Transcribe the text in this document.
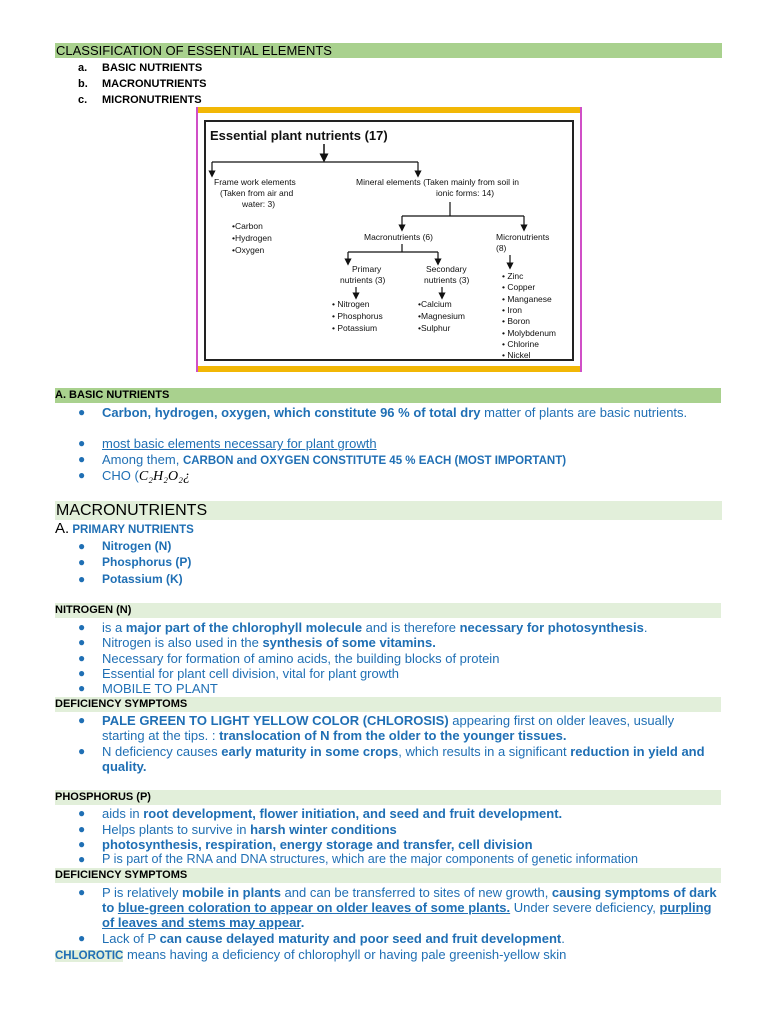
CLASSIFICATION OF ESSENTIAL ELEMENTS
a. BASIC NUTRIENTS
b. MACRONUTRIENTS
c. MICRONUTRIENTS
Essential plant nutrients (17)
Frame work elements
(Taken from air and
water: 3)
•Carbon
•Hydrogen
•Oxygen
Mineral elements (Taken mainly from soil in
ionic forms: 14)
Macronutrients (6)	Micronutrients
(8)
Primary
nutrients (3)
Secondary
nutrients (3)
• Nitrogen
• Phosphorus
• Potassium
•Calcium
•Magnesium
•Sulphur
• Zinc
• Copper
• Manganese
• Iron
• Boron
• Molybdenum
• Chlorine
• Nickel
A. BASIC NUTRIENTS
●	Carbon, hydrogen, oxygen, which constitute 96 % of total dry matter of plants are basic nutrients.
●	most basic elements necessary for plant growth
●	Among them, CARBON and OXYGEN CONSTITUTE 45 % EACH (MOST IMPORTANT)
●	CHO (C₂H₂O₂¿
MACRONUTRIENTS
A. PRIMARY NUTRIENTS
●	Nitrogen (N)
●	Phosphorus (P)
●	Potassium (K)
NITROGEN (N)
●	is a major part of the chlorophyll molecule and is therefore necessary for photosynthesis.
●	Nitrogen is also used in the synthesis of some vitamins.
●	Necessary for formation of amino acids, the building blocks of protein
●	Essential for plant cell division, vital for plant growth
●	MOBILE TO PLANT
DEFICIENCY SYMPTOMS
●	PALE GREEN TO LIGHT YELLOW COLOR (CHLOROSIS) appearing first on older leaves, usually starting at the tips. : translocation of N from the older to the younger tissues.
●	N deficiency causes early maturity in some crops, which results in a significant reduction in yield and quality.
PHOSPHORUS (P)
●	aids in root development, flower initiation, and seed and fruit development.
●	Helps plants to survive in harsh winter conditions
●	photosynthesis, respiration, energy storage and transfer, cell division
●	P is part of the RNA and DNA structures, which are the major components of genetic information
DEFICIENCY SYMPTOMS
●	P is relatively mobile in plants and can be transferred to sites of new growth, causing symptoms of dark to blue-green coloration to appear on older leaves of some plants. Under severe deficiency, purpling of leaves and stems may appear.
●	Lack of P can cause delayed maturity and poor seed and fruit development.
CHLOROTIC means having a deficiency of chlorophyll or having pale greenish-yellow skin
